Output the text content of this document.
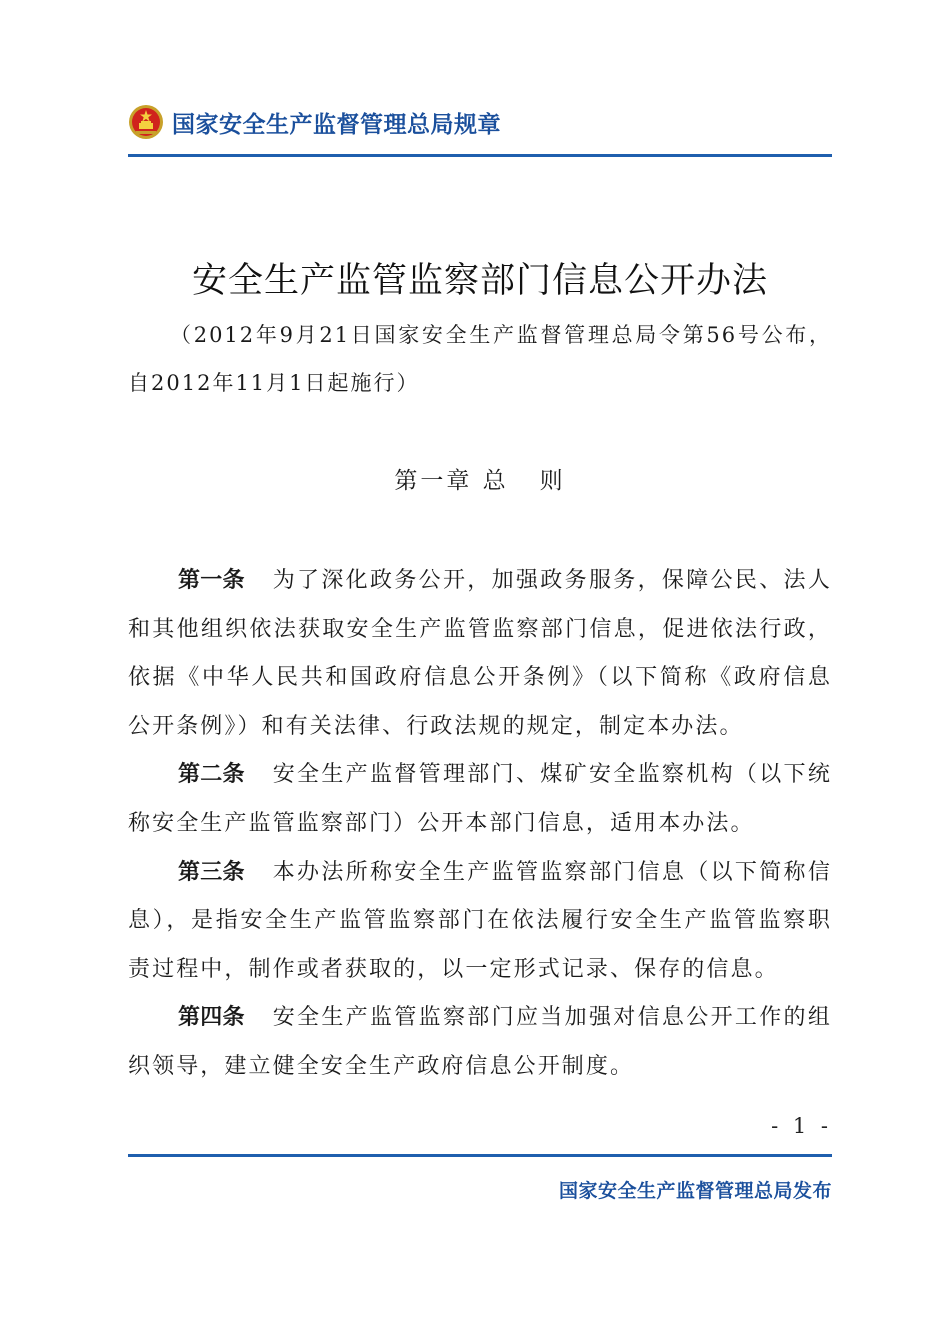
国家安全生产监督管理总局规章
安全生产监管监察部门信息公开办法
（2012年9月21日国家安全生产监督管理总局令第56号公布，自2012年11月1日起施行）
第一章 总   则

第一条 为了深化政务公开，加强政务服务，保障公民、法人和其他组织依法获取安全生产监管监察部门信息，促进依法行政，依据《中华人民共和国政府信息公开条例》（以下简称《政府信息公开条例》）和有关法律、行政法规的规定，制定本办法。

第二条 安全生产监督管理部门、煤矿安全监察机构（以下统称安全生产监管监察部门）公开本部门信息，适用本办法。

第三条 本办法所称安全生产监管监察部门信息（以下简称信息），是指安全生产监管监察部门在依法履行安全生产监管监察职责过程中，制作或者获取的，以一定形式记录、保存的信息。

第四条 安全生产监管监察部门应当加强对信息公开工作的组织领导，建立健全安全生产政府信息公开制度。

- 1 -
国家安全生产监督管理总局发布
